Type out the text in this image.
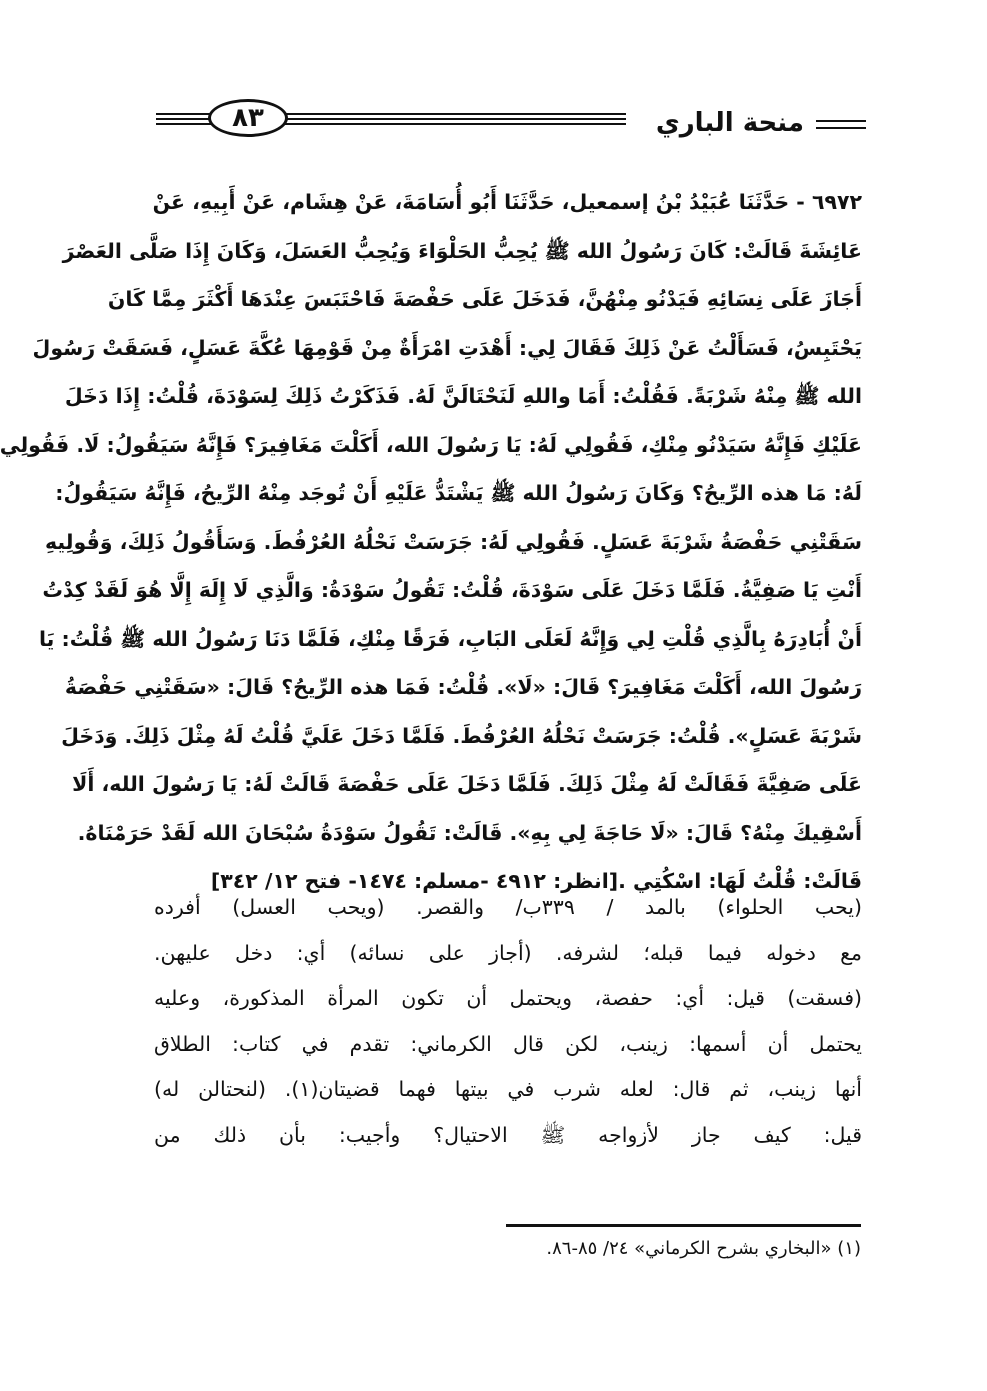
٨٣	منحة الباري
٦٩٧٢ - حَدَّثَنَا عُبَيْدُ بْنُ إسمعيل، حَدَّثَنَا أَبُو أُسَامَةَ، عَنْ هِشَام، عَنْ أَبِيهِ، عَنْ
عَائِشَةَ قَالَتْ: كَانَ رَسُولُ الله ﷺ يُحِبُّ الحَلْوَاءَ وَيُحِبُّ العَسَلَ، وَكَانَ إِذَا صَلَّى العَصْرَ
أَجَازَ عَلَى نِسَائِهِ فَيَدْنُو مِنْهُنَّ، فَدَخَلَ عَلَى حَفْصَةَ فَاحْتَبَسَ عِنْدَهَا أَكْثَرَ مِمَّا كَانَ
يَحْتَبِسُ، فَسَأَلْتُ عَنْ ذَلِكَ فَقَالَ لِي: أَهْدَتِ امْرَأَةٌ مِنْ قَوْمِهَا عُكَّةَ عَسَلٍ، فَسَقَتْ رَسُولَ
الله ﷺ مِنْهُ شَرْبَةً. فَقُلْتُ: أَمَا واللهِ لَنَحْتَالَنَّ لَهُ. فَذَكَرْتُ ذَلِكَ لِسَوْدَةَ، قُلْتُ: إِذَا دَخَلَ
عَلَيْكِ فَإِنَّهُ سَيَدْنُو مِنْكِ، فَقُولِي لَهُ: يَا رَسُولَ الله، أَكَلْتَ مَغَافِيرَ؟ فَإِنَّهُ سَيَقُولُ: لَا. فَقُولِي
لَهُ: مَا هذه الرِّيحُ؟ وَكَانَ رَسُولُ الله ﷺ يَشْتَدُّ عَلَيْهِ أَنْ تُوجَد مِنْهُ الرِّيحُ، فَإِنَّهُ سَيَقُولُ:
سَقَتْنِي حَفْصَةُ شَرْبَةَ عَسَلٍ. فَقُولِي لَهُ: جَرَسَتْ نَحْلُهُ العُرْفُطَ. وَسَأَقُولُ ذَلِكَ، وَقُولِيهِ
أَنْتِ يَا صَفِيَّةُ. فَلَمَّا دَخَلَ عَلَى سَوْدَةَ، قُلْتُ: تَقُولُ سَوْدَةُ: وَالَّذِي لَا إِلَهَ إِلَّا هُوَ لَقَدْ كِدْتُ
أَنْ أُبَادِرَهُ بِالَّذِي قُلْتِ لِي وَإِنَّهُ لَعَلَى البَابِ، فَرَقًا مِنْكِ، فَلَمَّا دَنَا رَسُولُ الله ﷺ قُلْتُ: يَا
رَسُولَ الله، أَكَلْتَ مَغَافِيرَ؟ قَالَ: «لَا». قُلْتُ: فَمَا هذه الرِّيحُ؟ قَالَ: «سَقَتْنِي حَفْصَةُ
شَرْبَةَ عَسَلٍ». قُلْتُ: جَرَسَتْ نَحْلُهُ العُرْفُطَ. فَلَمَّا دَخَلَ عَلَيَّ قُلْتُ لَهُ مِثْلَ ذَلِكَ. وَدَخَلَ
عَلَى صَفِيَّةَ فَقَالَتْ لَهُ مِثْلَ ذَلِكَ. فَلَمَّا دَخَلَ عَلَى حَفْصَةَ قَالَتْ لَهُ: يَا رَسُولَ الله، أَلَا
أَسْقِيكَ مِنْهُ؟ قَالَ: «لَا حَاجَةَ لِي بِهِ». قَالَتْ: تَقُولُ سَوْدَةُ سُبْحَانَ الله لَقَدْ حَرَمْنَاهُ.
قَالَتْ: قُلْتُ لَهَا: اسْكُتِي .[انظر: ٤٩١٢ -مسلم: ١٤٧٤- فتح ١٢/ ٣٤٢]
(يحب الحلواء) بالمد / ٣٣٩ب/ والقصر. (ويحب العسل) أفرده
مع دخوله فيما قبله؛ لشرفه. (أجاز على نسائه) أي: دخل عليهن.
(فسقت) قيل: أي: حفصة، ويحتمل أن تكون المرأة المذكورة، وعليه
يحتمل أن أسمها: زينب، لكن قال الكرماني: تقدم في كتاب: الطلاق
أنها زينب، ثم قال: لعله شرب في بيتها فهما قضيتان(١). (لنحتالن له)
قيل: كيف جاز لأزواجه ﷺ الاحتيال؟ وأجيب: بأن ذلك من
(١) «البخاري بشرح الكرماني» ٢٤/ ٨٥-٨٦.
